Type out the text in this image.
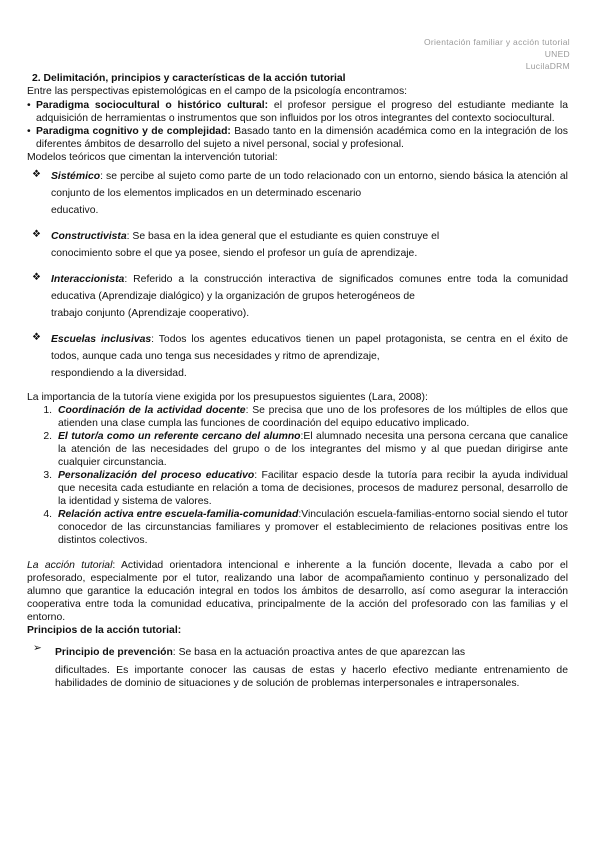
Orientación familiar y acción tutorial
UNED
LucilaDRM

2. Delimitación, principios y características de la acción tutorial

Entre las perspectivas epistemológicas en el campo de la psicología encontramos:

• Paradigma sociocultural o histórico cultural: el profesor persigue el progreso del estudiante mediante la adquisición de herramientas o instrumentos que son influidos por los otros integrantes del contexto sociocultural.
• Paradigma cognitivo y de complejidad: Basado tanto en la dimensión académica como en la integración de los diferentes ámbitos de desarrollo del sujeto a nivel personal, social y profesional.

Modelos teóricos que cimentan la intervención tutorial:

❖ Sistémico: se percibe al sujeto como parte de un todo relacionado con un entorno, siendo básica la atención al conjunto de los elementos implicados en un determinado escenario
educativo.
❖ Constructivista: Se basa en la idea general que el estudiante es quien construye el
conocimiento sobre el que ya posee, siendo el profesor un guía de aprendizaje.
❖ Interaccionista: Referido a la construcción interactiva de significados comunes entre toda la comunidad educativa (Aprendizaje dialógico) y la organización de grupos heterogéneos de
trabajo conjunto (Aprendizaje cooperativo).
❖ Escuelas inclusivas: Todos los agentes educativos tienen un papel protagonista, se centra en el éxito de todos, aunque cada uno tenga sus necesidades y ritmo de aprendizaje,
respondiendo a la diversidad.

La importancia de la tutoría viene exigida por los presupuestos siguientes (Lara, 2008):

1. Coordinación de la actividad docente: Se precisa que uno de los profesores de los múltiples de ellos que atienden una clase cumpla las funciones de coordinación del equipo educativo implicado.
2. El tutor/a como un referente cercano del alumno:El alumnado necesita una persona cercana que canalice la atención de las necesidades del grupo o de los integrantes del mismo y al que puedan dirigirse ante cualquier circunstancia.
3. Personalización del proceso educativo: Facilitar espacio desde la tutoría para recibir la ayuda individual que necesita cada estudiante en relación a toma de decisiones, procesos de madurez personal, desarrollo de la identidad y sistema de valores.
4. Relación activa entre escuela-familia-comunidad:Vinculación escuela-familias-entorno social siendo el tutor conocedor de las circunstancias familiares y promover el establecimiento de relaciones positivas entre los distintos colectivos.

La acción tutorial: Actividad orientadora intencional e inherente a la función docente, llevada a cabo por el profesorado, especialmente por el tutor, realizando una labor de acompañamiento continuo y personalizado del alumno que garantice la educación integral en todos los ámbitos de desarrollo, así como asegurar la interacción cooperativa entre toda la comunidad educativa, principalmente de la acción del profesorado con las familias y el entorno.

Principios de la acción tutorial:

➢	Principio de prevención: Se basa en la actuación proactiva antes de que aparezcan las
dificultades. Es importante conocer las causas de estas y hacerlo efectivo mediante entrenamiento de habilidades de dominio de situaciones y de solución de problemas interpersonales e intrapersonales.
